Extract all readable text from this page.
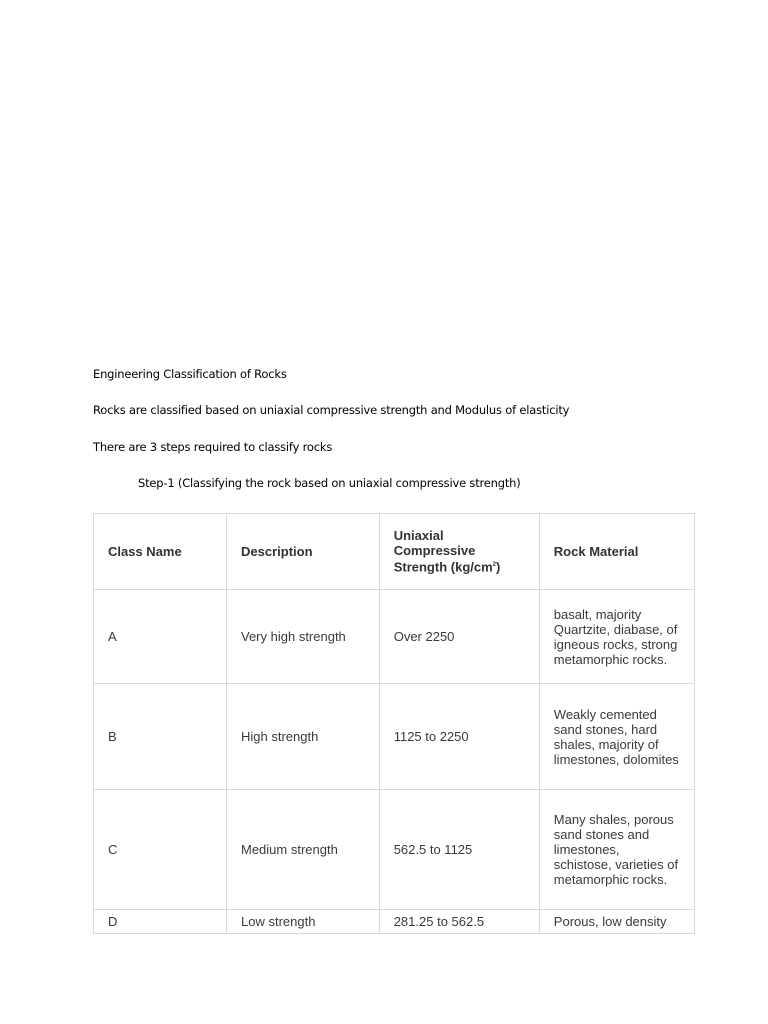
Engineering Classification of Rocks
Rocks are classified based on uniaxial compressive strength and Modulus of elasticity
There are 3 steps required to classify rocks
Step-1 (Classifying the rock based on uniaxial compressive strength)
Class Name	Description	Uniaxial Compressive Strength $(kg/cm^2)$	Rock Material
A	Very high strength	Over 2250	basalt, majority Quartzite, diabase, of igneous rocks, strong metamorphic rocks.
B	High strength	1125 to 2250	Weakly cemented sand stones, hard shales, majority of limestones, dolomites
C	Medium strength	562.5 to 1125	Many shales, porous sand stones and limestones, schistose, varieties of metamorphic rocks.
D	Low strength	281.25 to 562.5	Porous, low density
